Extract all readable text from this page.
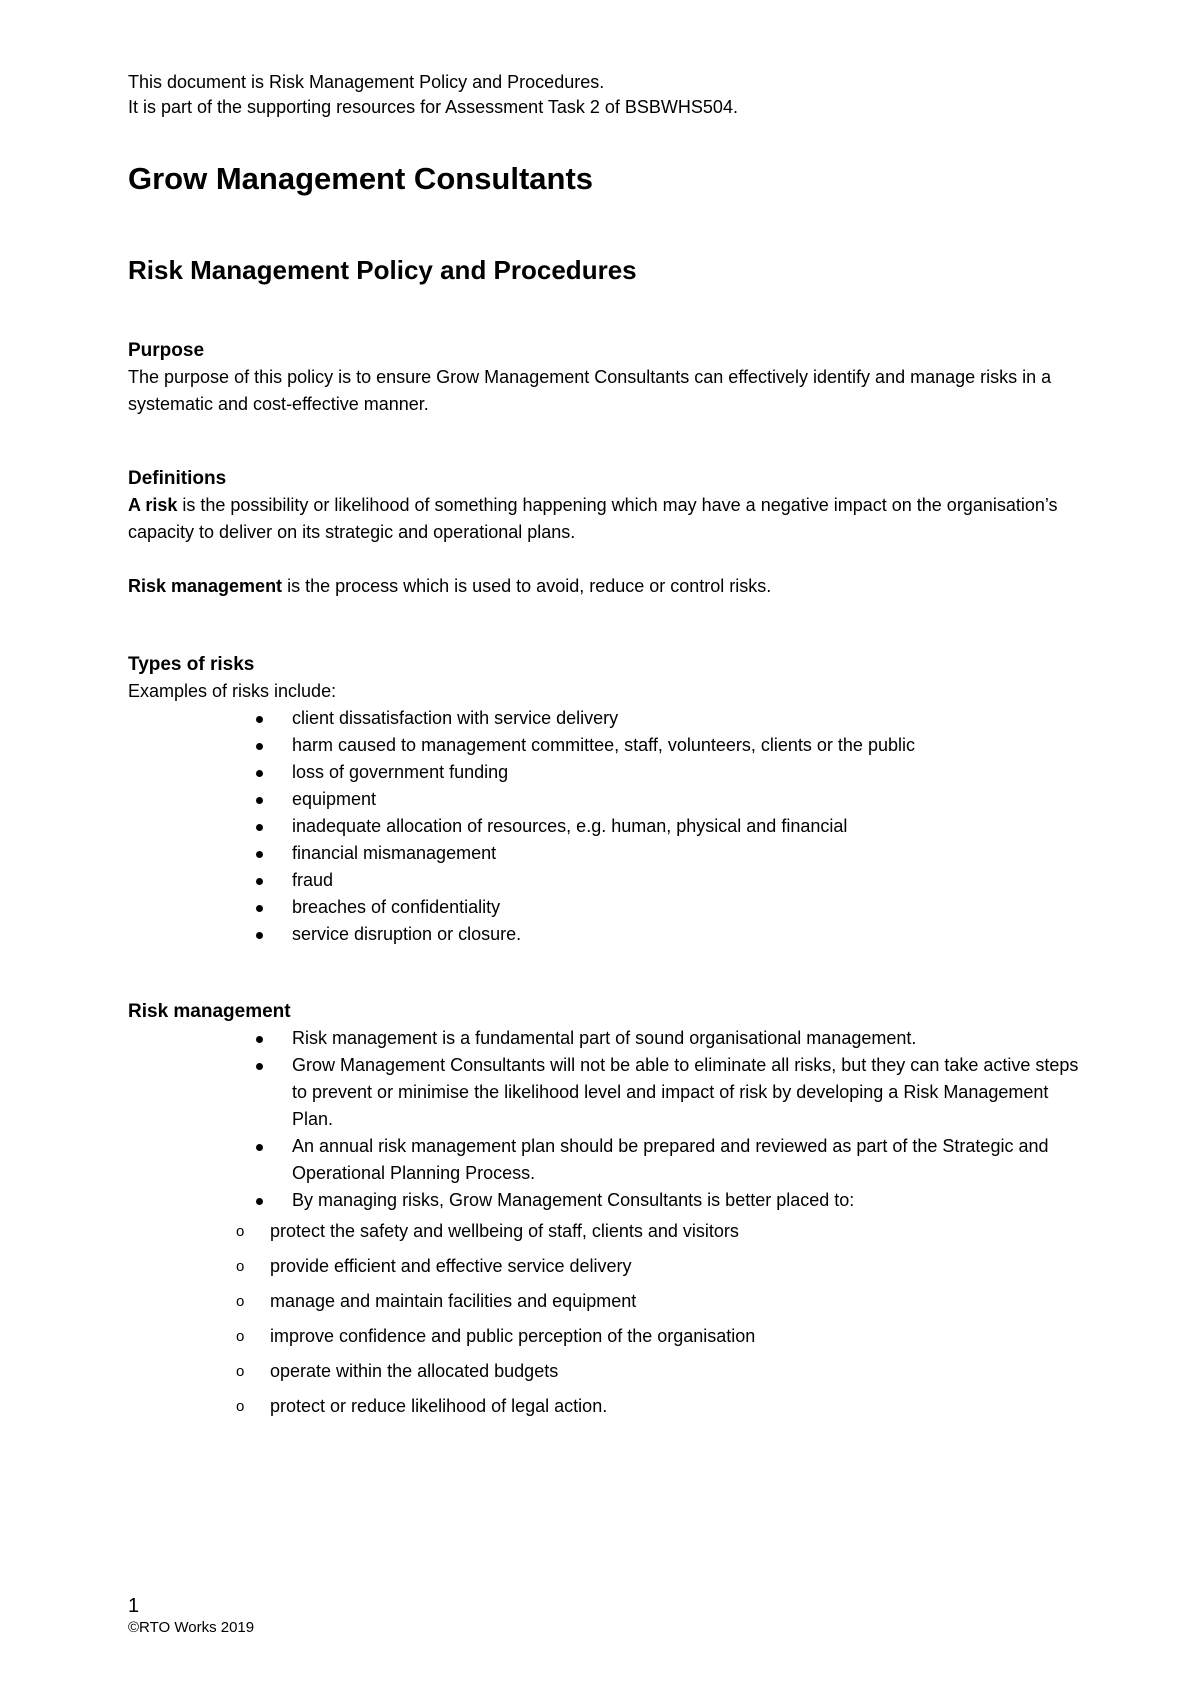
This document is Risk Management Policy and Procedures.

It is part of the supporting resources for Assessment Task 2 of BSBWHS504.

Grow Management Consultants
Risk Management Policy and Procedures
Purpose

The purpose of this policy is to ensure Grow Management Consultants can effectively identify and manage risks in a systematic and cost-effective manner.

Definitions

A risk is the possibility or likelihood of something happening which may have a negative impact on the organisation’s capacity to deliver on its strategic and operational plans.

Risk management is the process which is used to avoid, reduce or control risks.

Types of risks

Examples of risks include:

client dissatisfaction with service delivery
harm caused to management committee, staff, volunteers, clients or the public
loss of government funding
equipment
inadequate allocation of resources, e.g. human, physical and financial
financial mismanagement
fraud
breaches of confidentiality
service disruption or closure.
Risk management
Risk management is a fundamental part of sound organisational management.
Grow Management Consultants will not be able to eliminate all risks, but they can take active steps to prevent or minimise the likelihood level and impact of risk by developing a Risk Management Plan.
An annual risk management plan should be prepared and reviewed as part of the Strategic and Operational Planning Process.
By managing risks, Grow Management Consultants is better placed to:
o protect the safety and wellbeing of staff, clients and visitors
o provide efficient and effective service delivery
o manage and maintain facilities and equipment
o improve confidence and public perception of the organisation
o operate within the allocated budgets
o protect or reduce likelihood of legal action.
1
©RTO Works 2019
